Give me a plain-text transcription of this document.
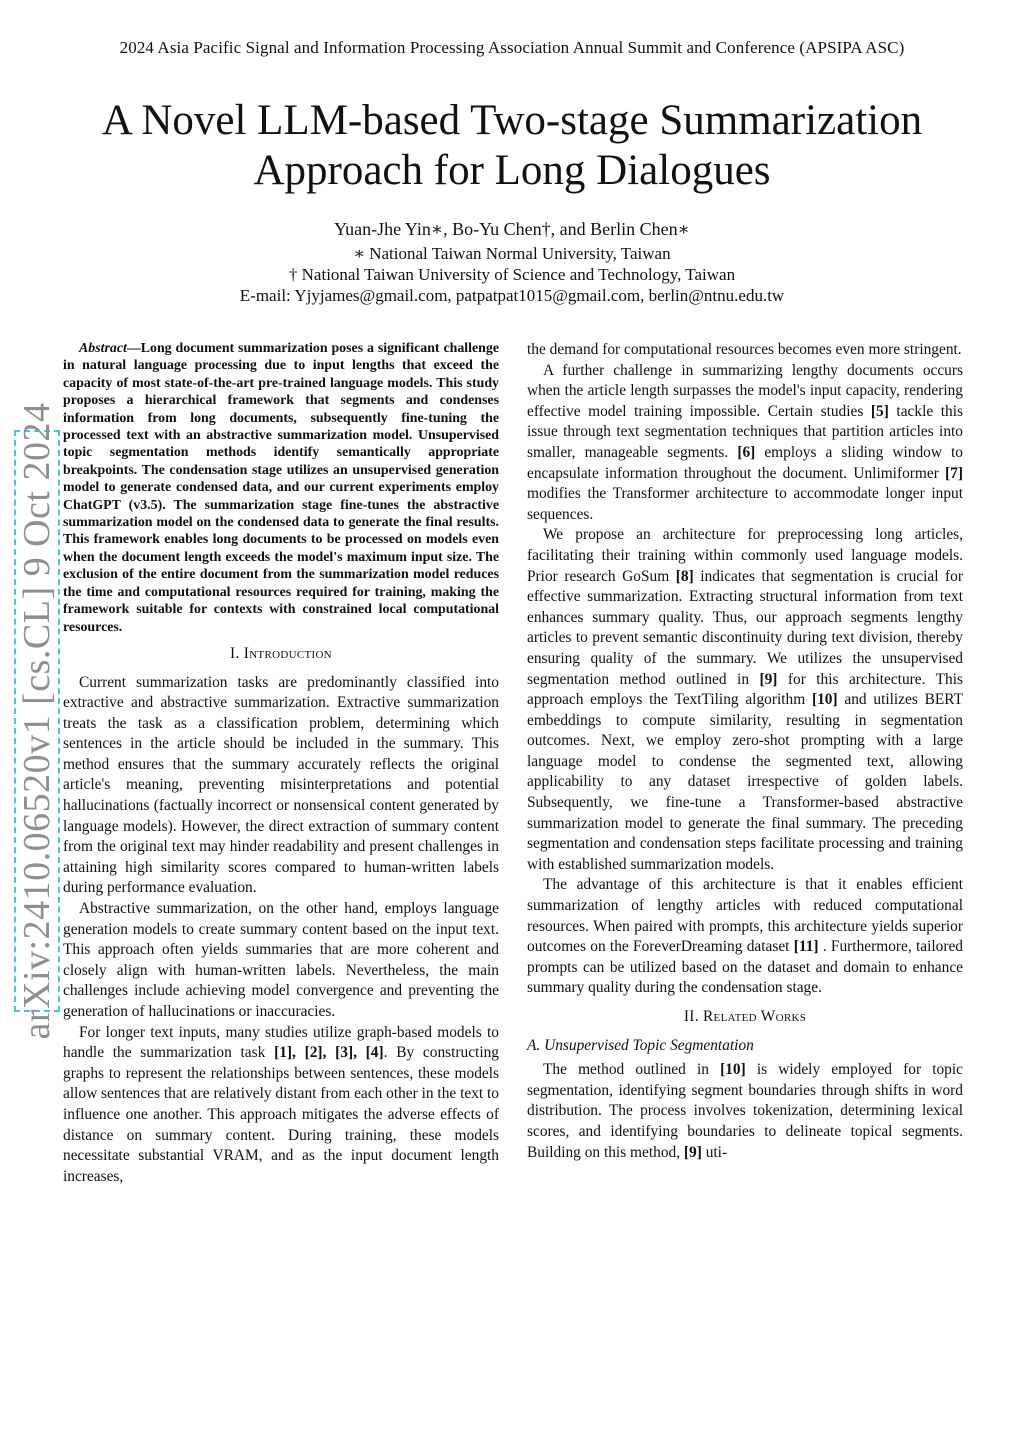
2024 Asia Pacific Signal and Information Processing Association Annual Summit and Conference (APSIPA ASC)
A Novel LLM-based Two-stage Summarization
Approach for Long Dialogues
Yuan-Jhe Yin∗, Bo-Yu Chen†, and Berlin Chen∗
∗ National Taiwan Normal University, Taiwan
† National Taiwan University of Science and Technology, Taiwan
E-mail: Yjyjames@gmail.com, patpatpat1015@gmail.com, berlin@ntnu.edu.tw
arXiv:2410.06520v1 [cs.CL] 9 Oct 2024

Abstract—Long document summarization poses a significant challenge in natural language processing due to input lengths that exceed the capacity of most state-of-the-art pre-trained language models. This study proposes a hierarchical framework that segments and condenses information from long documents, subsequently fine-tuning the processed text with an abstractive summarization model. Unsupervised topic segmentation methods identify semantically appropriate breakpoints. The condensation stage utilizes an unsupervised generation model to generate condensed data, and our current experiments employ ChatGPT (v3.5). The summarization stage fine-tunes the abstractive summarization model on the condensed data to generate the final results. This framework enables long documents to be processed on models even when the document length exceeds the model's maximum input size. The exclusion of the entire document from the summarization model reduces the time and computational resources required for training, making the framework suitable for contexts with constrained local computational resources.

I. Introduction

Current summarization tasks are predominantly classified into extractive and abstractive summarization. Extractive summarization treats the task as a classification problem, determining which sentences in the article should be included in the summary. This method ensures that the summary accurately reflects the original article's meaning, preventing misinterpretations and potential hallucinations (factually incorrect or nonsensical content generated by language models). However, the direct extraction of summary content from the original text may hinder readability and present challenges in attaining high similarity scores compared to human-written labels during performance evaluation.

Abstractive summarization, on the other hand, employs language generation models to create summary content based on the input text. This approach often yields summaries that are more coherent and closely align with human-written labels. Nevertheless, the main challenges include achieving model convergence and preventing the generation of hallucinations or inaccuracies.

For longer text inputs, many studies utilize graph-based models to handle the summarization task [1], [2], [3], [4]. By constructing graphs to represent the relationships between sentences, these models allow sentences that are relatively distant from each other in the text to influence one another. This approach mitigates the adverse effects of distance on summary content. During training, these models necessitate substantial VRAM, and as the input document length increases,

the demand for computational resources becomes even more stringent.

A further challenge in summarizing lengthy documents occurs when the article length surpasses the model's input capacity, rendering effective model training impossible. Certain studies [5] tackle this issue through text segmentation techniques that partition articles into smaller, manageable segments. [6] employs a sliding window to encapsulate information throughout the document. Unlimiformer [7] modifies the Transformer architecture to accommodate longer input sequences.

We propose an architecture for preprocessing long articles, facilitating their training within commonly used language models. Prior research GoSum [8] indicates that segmentation is crucial for effective summarization. Extracting structural information from text enhances summary quality. Thus, our approach segments lengthy articles to prevent semantic discontinuity during text division, thereby ensuring quality of the summary. We utilizes the unsupervised segmentation method outlined in [9] for this architecture. This approach employs the TextTiling algorithm [10] and utilizes BERT embeddings to compute similarity, resulting in segmentation outcomes. Next, we employ zero-shot prompting with a large language model to condense the segmented text, allowing applicability to any dataset irrespective of golden labels. Subsequently, we fine-tune a Transformer-based abstractive summarization model to generate the final summary. The preceding segmentation and condensation steps facilitate processing and training with established summarization models.

The advantage of this architecture is that it enables efficient summarization of lengthy articles with reduced computational resources. When paired with prompts, this architecture yields superior outcomes on the ForeverDreaming dataset [11] . Furthermore, tailored prompts can be utilized based on the dataset and domain to enhance summary quality during the condensation stage.

II. Related Works
A. Unsupervised Topic Segmentation

The method outlined in [10] is widely employed for topic segmentation, identifying segment boundaries through shifts in word distribution. The process involves tokenization, determining lexical scores, and identifying boundaries to delineate topical segments. Building on this method, [9] uti-
